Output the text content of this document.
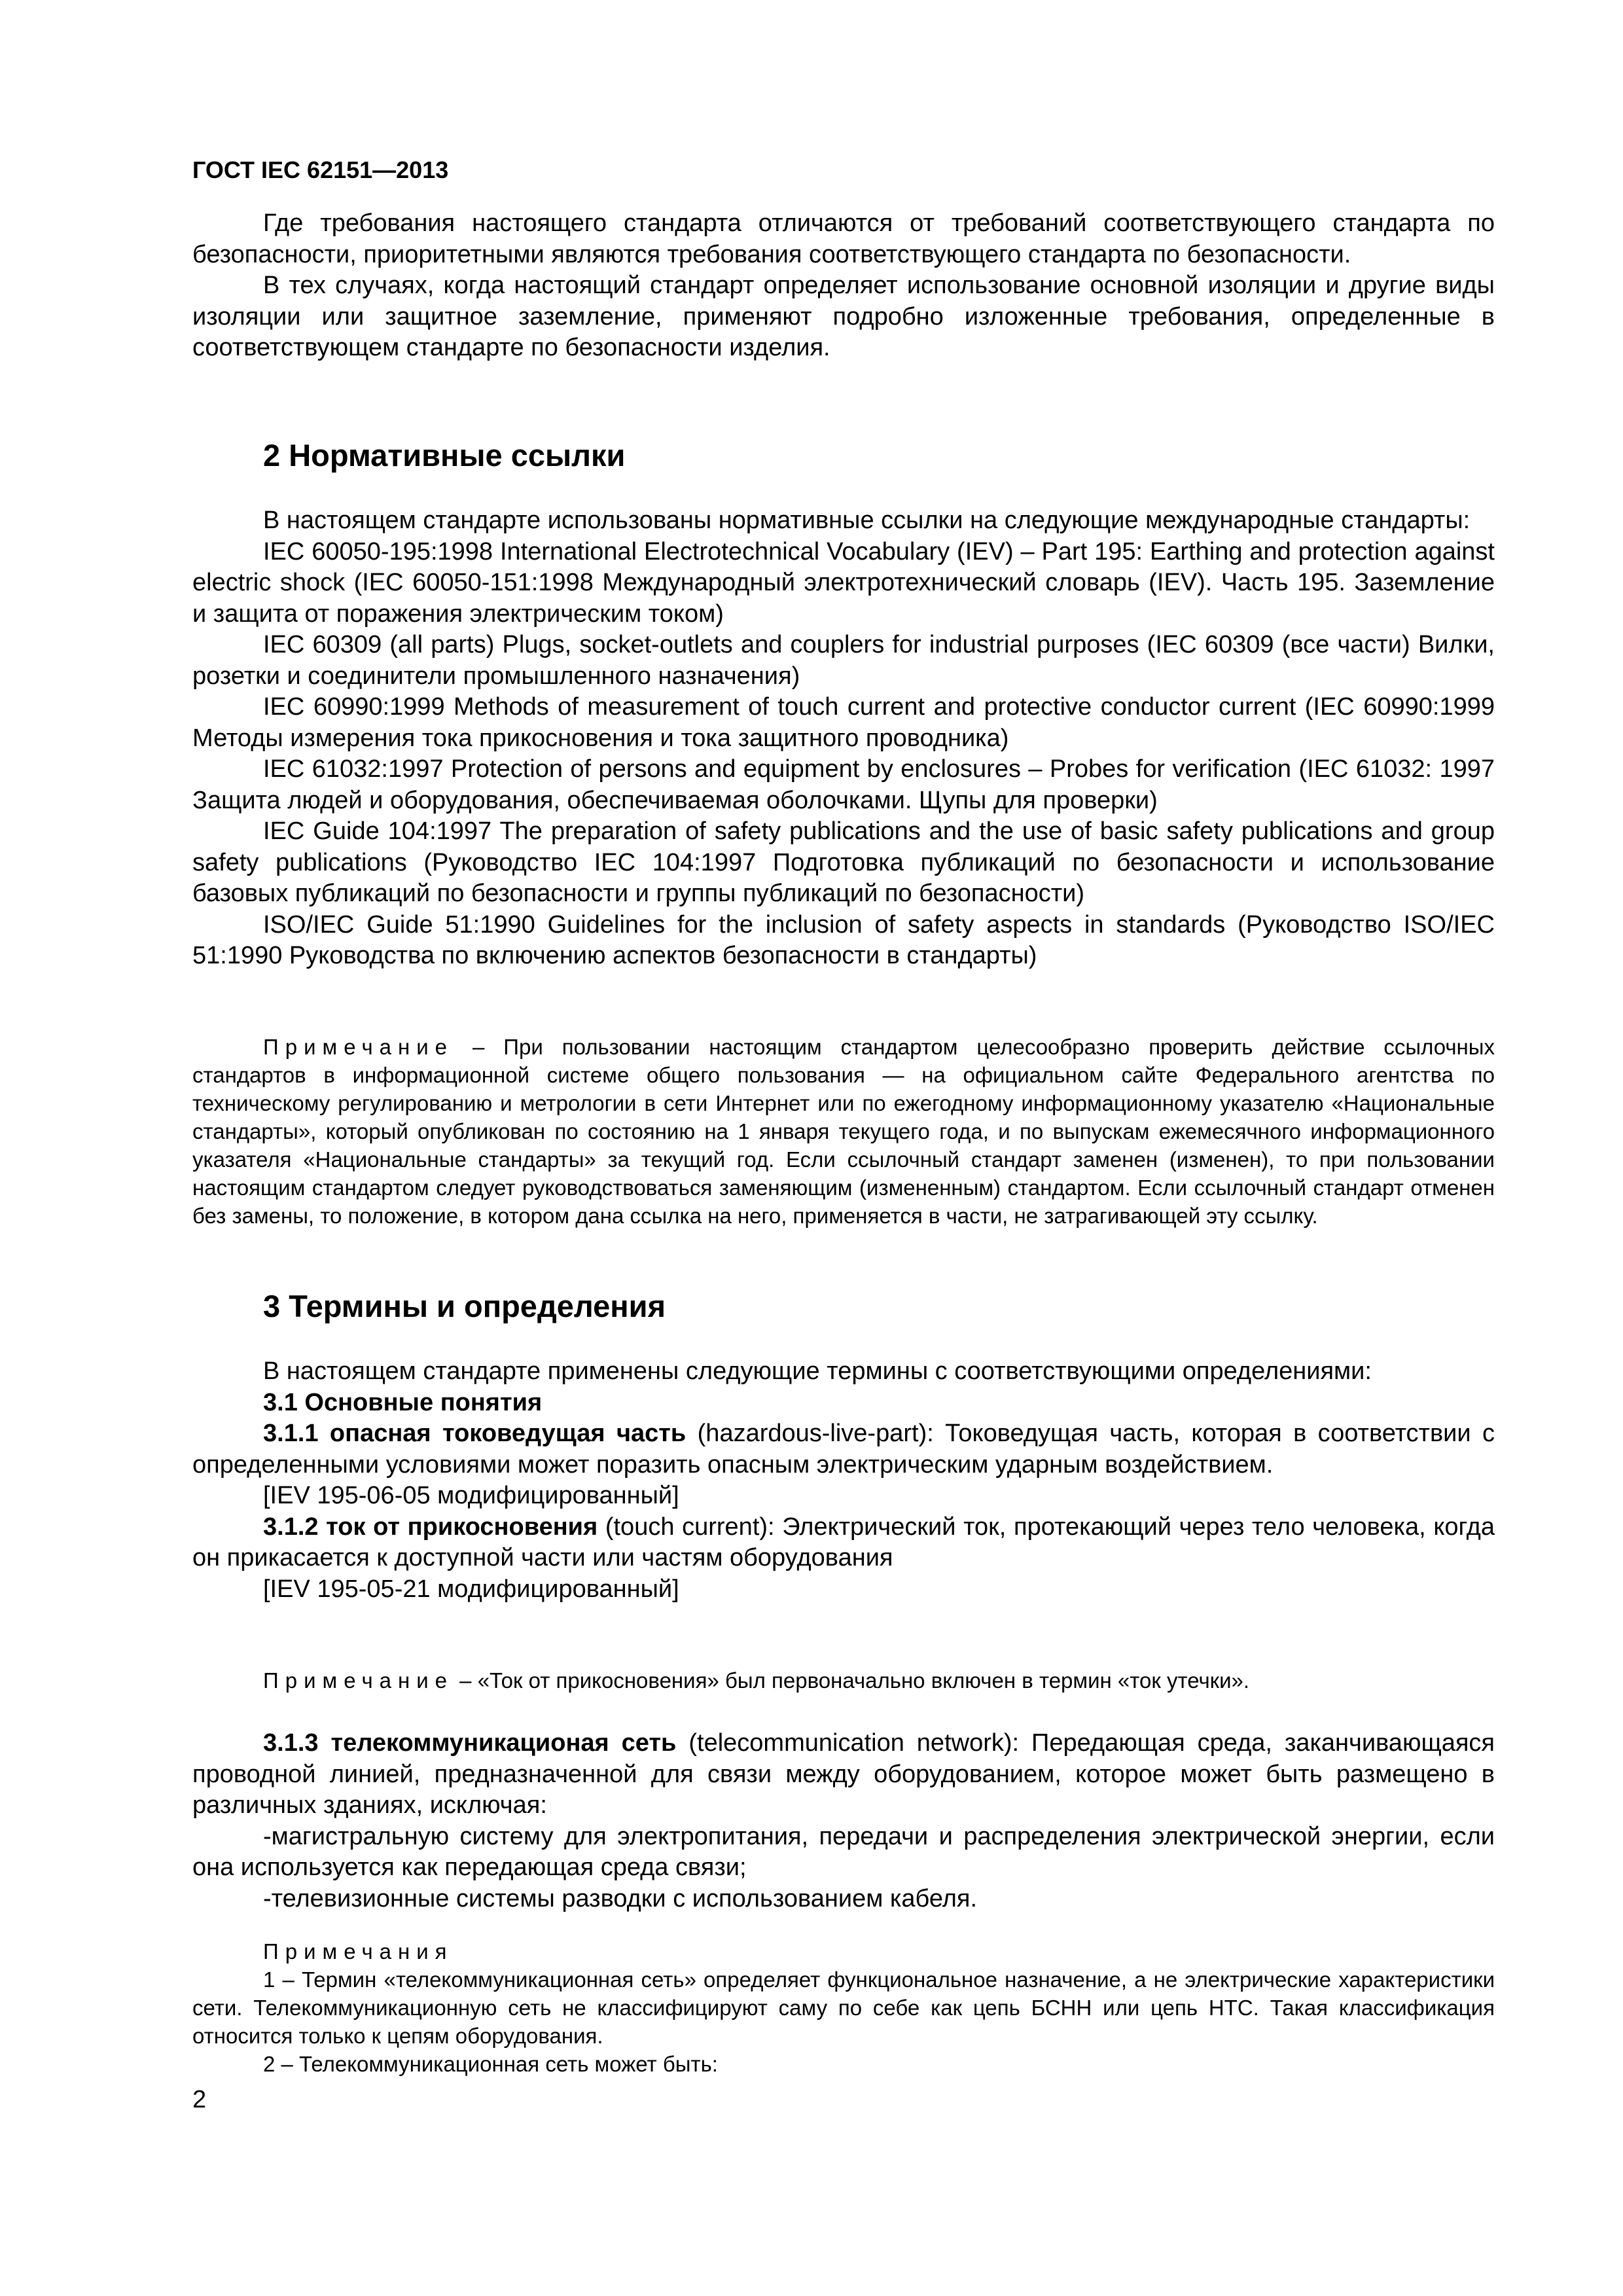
ГОСТ IEC 62151—2013

Где требования настоящего стандарта отличаются от требований соответствующего стандарта по безопасности, приоритетными являются требования соответствующего стандарта по безопасности.

В тех случаях, когда настоящий стандарт определяет использование основной изоляции и другие виды изоляции или защитное заземление, применяют подробно изложенные требования, определенные в соответствующем стандарте по безопасности изделия.

2 Нормативные ссылки

В настоящем стандарте использованы нормативные ссылки на следующие международные стандарты:

IEC 60050-195:1998 International Electrotechnical Vocabulary (IEV) – Part 195: Earthing and protection against electric shock (IEC 60050-151:1998 Международный электротехнический словарь (IEV). Часть 195. Заземление и защита от поражения электрическим током)

IEC 60309 (all parts) Plugs, socket-outlets and couplers for industrial purposes (IEC 60309 (все части) Вилки, розетки и соединители промышленного назначения)

IEC 60990:1999 Methods of measurement of touch current and protective conductor current (IEC 60990:1999 Методы измерения тока прикосновения и тока защитного проводника)

IEC 61032:1997 Protection of persons and equipment by enclosures – Probes for verification (IEC 61032: 1997 Защита людей и оборудования, обеспечиваемая оболочками. Щупы для проверки)

IEC Guide 104:1997 The preparation of safety publications and the use of basic safety publications and group safety publications (Руководство IEC 104:1997 Подготовка публикаций по безопасности и использование базовых публикаций по безопасности и группы публикаций по безопасности)

ISO/IEC Guide 51:1990 Guidelines for the inclusion of safety aspects in standards (Руководство ISO/IEC 51:1990 Руководства по включению аспектов безопасности в стандарты)

Примечание – При пользовании настоящим стандартом целесообразно проверить действие ссылочных стандартов в информационной системе общего пользования — на официальном сайте Федерального агентства по техническому регулированию и метрологии в сети Интернет или по ежегодному информационному указателю «Национальные стандарты», который опубликован по состоянию на 1 января текущего года, и по выпускам ежемесячного информационного указателя «Национальные стандарты» за текущий год. Если ссылочный стандарт заменен (изменен), то при пользовании настоящим стандартом следует руководствоваться заменяющим (измененным) стандартом. Если ссылочный стандарт отменен без замены, то положение, в котором дана ссылка на него, применяется в части, не затрагивающей эту ссылку.

3 Термины и определения

В настоящем стандарте применены следующие термины с соответствующими определениями:

3.1 Основные понятия

3.1.1 опасная токоведущая часть (hazardous-live-part): Токоведущая часть, которая в соответствии с определенными условиями может поразить опасным электрическим ударным воздействием.

[IEV 195-06-05 модифицированный]

3.1.2 ток от прикосновения (touch current): Электрический ток, протекающий через тело человека, когда он прикасается к доступной части или частям оборудования

[IEV 195-05-21 модифицированный]

Примечание – «Ток от прикосновения» был первоначально включен в термин «ток утечки».

3.1.3 телекоммуникационая сеть (telecommunication network): Передающая среда, заканчивающаяся проводной линией, предназначенной для связи между оборудованием, которое может быть размещено в различных зданиях, исключая:

-магистральную систему для электропитания, передачи и распределения электрической энергии, если она используется как передающая среда связи;

-телевизионные системы разводки с использованием кабеля.

Примечания

1 – Термин «телекоммуникационная сеть» определяет функциональное назначение, а не электрические характеристики сети. Телекоммуникационную сеть не классифицируют саму по себе как цепь БСНН или цепь НТС. Такая классификация относится только к цепям оборудования.

2 – Телекоммуникационная сеть может быть:

2
